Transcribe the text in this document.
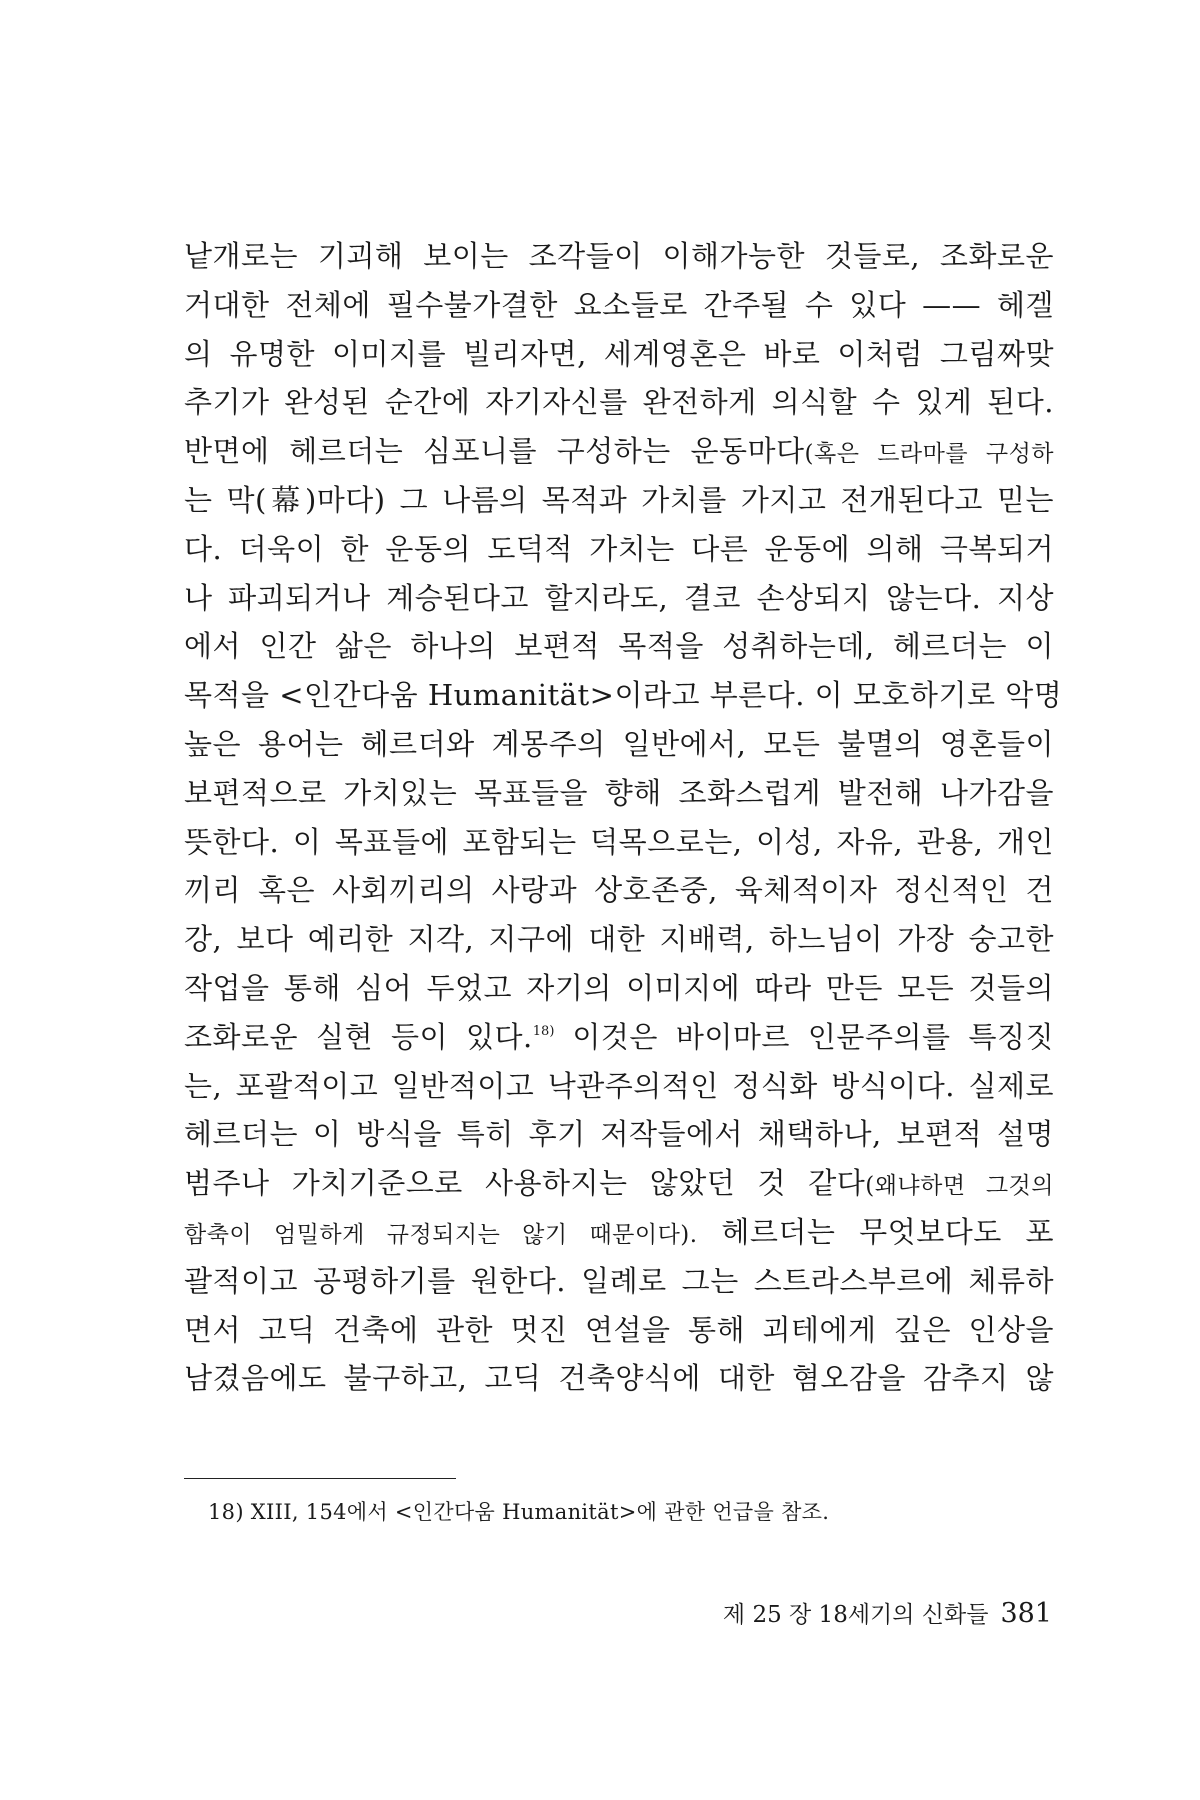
낱개로는 기괴해 보이는 조각들이 이해가능한 것들로, 조화로운
거대한 전체에 필수불가결한 요소들로 간주될 수 있다 —— 헤겔
의 유명한 이미지를 빌리자면, 세계영혼은 바로 이처럼 그림짜맞
추기가 완성된 순간에 자기자신를 완전하게 의식할 수 있게 된다.
반면에 헤르더는 심포니를 구성하는 운동마다(혹은 드라마를 구성하
는 막(幕)마다) 그 나름의 목적과 가치를 가지고 전개된다고 믿는
다. 더욱이 한 운동의 도덕적 가치는 다른 운동에 의해 극복되거
나 파괴되거나 계승된다고 할지라도, 결코 손상되지 않는다. 지상
에서 인간 삶은 하나의 보편적 목적을 성취하는데, 헤르더는 이
목적을 <인간다움 Humanität>이라고 부른다. 이 모호하기로 악명
높은 용어는 헤르더와 계몽주의 일반에서, 모든 불멸의 영혼들이
보편적으로 가치있는 목표들을 향해 조화스럽게 발전해 나가감을
뜻한다. 이 목표들에 포함되는 덕목으로는, 이성, 자유, 관용, 개인
끼리 혹은 사회끼리의 사랑과 상호존중, 육체적이자 정신적인 건
강, 보다 예리한 지각, 지구에 대한 지배력, 하느님이 가장 숭고한
작업을 통해 심어 두었고 자기의 이미지에 따라 만든 모든 것들의
조화로운 실현 등이 있다.$^{18)}$ 이것은 바이마르 인문주의를 특징짓
는, 포괄적이고 일반적이고 낙관주의적인 정식화 방식이다. 실제로
헤르더는 이 방식을 특히 후기 저작들에서 채택하나, 보편적 설명
범주나 가치기준으로 사용하지는 않았던 것 같다(왜냐하면 그것의
함축이 엄밀하게 규정되지는 않기 때문이다). 헤르더는 무엇보다도 포
괄적이고 공평하기를 원한다. 일례로 그는 스트라스부르에 체류하
면서 고딕 건축에 관한 멋진 연설을 통해 괴테에게 깊은 인상을
남겼음에도 불구하고, 고딕 건축양식에 대한 혐오감을 감추지 않
18) XIII, 154에서 <인간다움 Humanität>에 관한 언급을 참조.
제 25 장 18세기의 신화들 381
